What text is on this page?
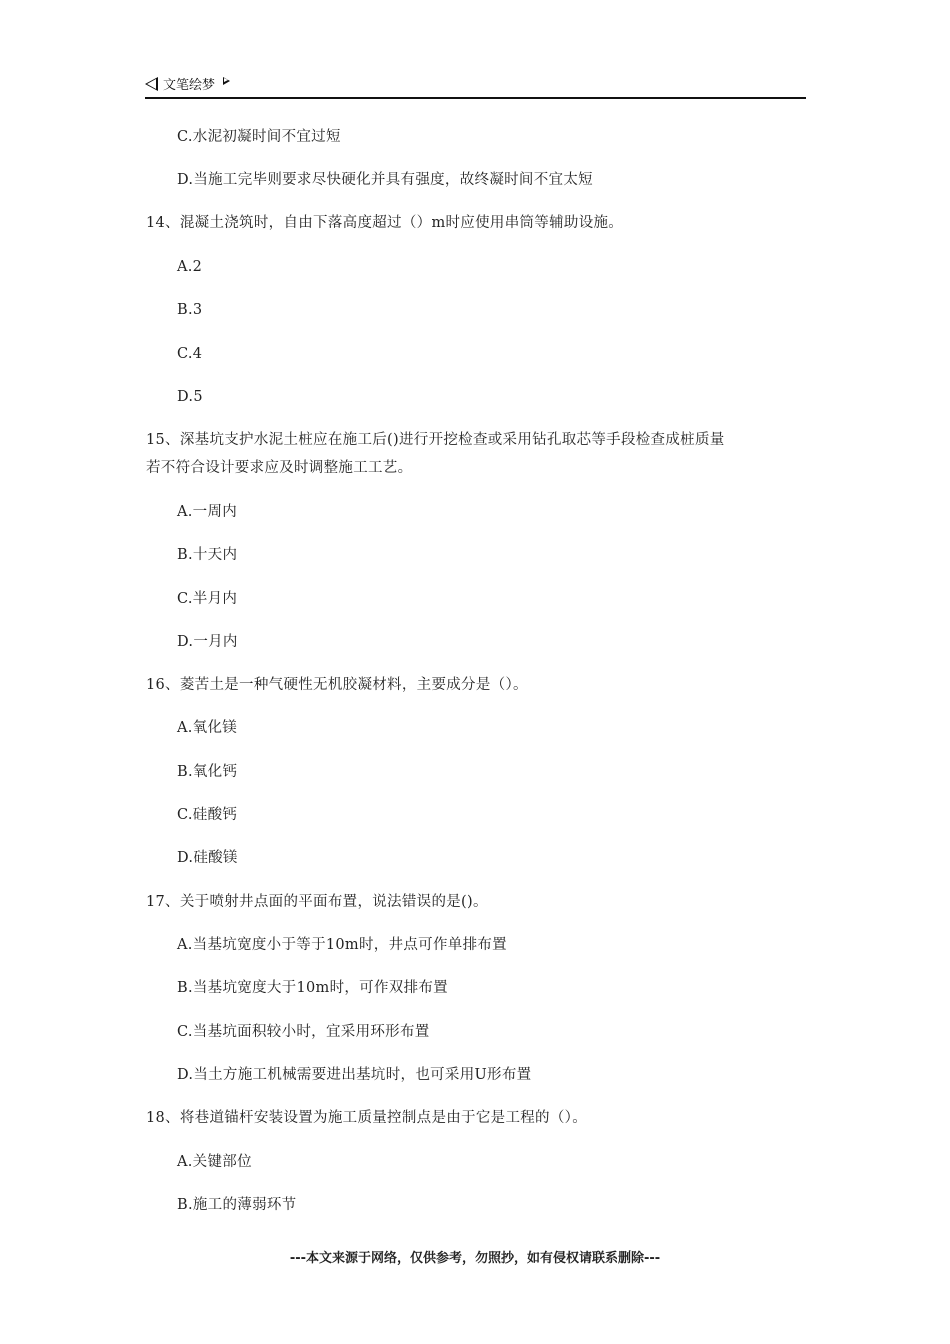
文笔绘梦
C.水泥初凝时间不宜过短
D.当施工完毕则要求尽快硬化并具有强度，故终凝时间不宜太短
14、混凝土浇筑时，自由下落高度超过（）m时应使用串筒等辅助设施。
A.2
B.3
C.4
D.5
15、深基坑支护水泥土桩应在施工后()进行开挖检查或采用钻孔取芯等手段检查成桩质量
若不符合设计要求应及时调整施工工艺。
A.一周内
B.十天内
C.半月内
D.一月内
16、菱苦土是一种气硬性无机胶凝材料，主要成分是（）。
A.氧化镁
B.氧化钙
C.硅酸钙
D.硅酸镁
17、关于喷射井点面的平面布置，说法错误的是()。
A.当基坑宽度小于等于10m时，井点可作单排布置
B.当基坑宽度大于10m时，可作双排布置
C.当基坑面积较小时，宜采用环形布置
D.当土方施工机械需要进出基坑时，也可采用U形布置
18、将巷道锚杆安装设置为施工质量控制点是由于它是工程的（）。
A.关键部位
B.施工的薄弱环节
---本文来源于网络，仅供参考，勿照抄，如有侵权请联系删除---
